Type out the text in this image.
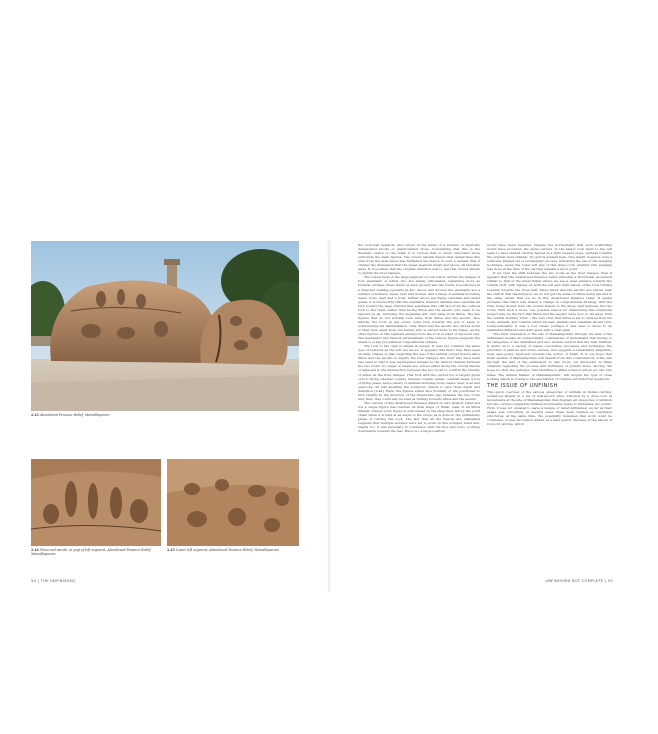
2.43 Abandoned Penance Relief, Mamallapuram
2.44 Shiva and ascetic (a yogi of left segment, Abandoned Penance Relief, Mamallapuram
2.45 Lower left segment, Abandoned Penance Relief, Mamallapuram
54 | THE UNFINISHED

the rock-wall upwards, and carved in the midst of a number of shallowly demarcated blocks of unarticulated stone. Considering that this is the thematic centre of the relief, it is curious that so much unworked stone surrounds the main figures. The curved natural fissure that demarcates this area from the area below has furnished the mason in such a manner that it creates the impression that the upper segment might just above off and slide away. It is possible that the original intention was to use this curved fissure to signify the river Ganges.

The lowest level of the large segment of rock below carries the images of four elephants of which two are barely articulated, remaining more as textural outlines; these stand on level ground and the fourth is positioned at a diagonal walking upwards [2.45]. Above and around the elephants are a number of hunters, sages, men and women, and a range of animals including bears, lions, deer and a boar; further above are flying celestials and dwarf ganas. It is noteworthy that the elephants, hunters, animals and celestials all turn toward the deep channel that separates this cliff face from the vertical rock to the right, rather than facing Shiva and the ascetic who seem to be ignored by all, including the elephants who turn away from Shiva. The few figures that do not actually turn away from Shiva and the ascetic, face directly the rock; in any event, some turn towards the god or seem to acknowledge his manifestation. Only Shiva and the ascetic are carved down to their feet; apart from one hunter who is carved down to his knees, all the other figures on this segment emerge from the rock at waist or hip level only. The haphazard and random arrangement of the various figures suggests the absence of any pre-planned compositional scheme.

The rock to the right is simple in design. It does not combine the same type of textures as the left one above. It appears that there may have been an early change of plan regarding the use of the natural curved fissure since Shiva and the ascetic to signify the river Ganges; the river may have been relocated so that it was represented instead by the narrow channel between the two rocks. No sages or nagas are carved either along the curved fissure or adjacent to the intersection between the two rocks to confirm the identity of either as the river Ganges. This rock with the carved top is largely given over to flying celestial couples, breezes couples, ganas, celestial sages, a row of flying geese, and a variety of animals including lions, bears, deer, boar and peacocks, all still awaiting the sculptors' chisels to give them depth and definition [2.44]. Here, the figures either face frontally or are positioned to turn slightly in the direction of the fissure-like gap between the two rocks and, thus, they could also be read as turning towards Shiva and the ascetic.

The carving of this Abandoned Penance differs in very shallow relief and not a single figure has reached its final stage of finish, least of all Shiva himself. Almost every figure is surrounded by the deep lines left by the point chisel when it is held at an angle to the stone, as is done in the preliminary phase of carving the rock. The fact that all the figures are unfinished suggests that multiple workers were set to work on this sculpted relief and, ideally too, it was necessary to commence with the face and torso, working downwards towards the feet. Here too, a large scaffold

would have been required. Despite the horizontality that such scaffolding would have provided, the stone carvers on the larger rock must to the left seem to have started carving figures in a light upward slope, perhaps towards the original river-channel. No grid is evident here. One might, however, note a vertically aligned set of rectangular grooves, indicating the use of the wedging technique, along the lower left end of this large rock, whether this wedging was done at the time of the carving remains a moot point.

If we view the shift between the two rocks as the river Ganges, then it appears that this Abandoned Penance relief embodies a directional movement similar to that of the Great Relief where we see a clear advance towards the central cleft, with figures on both the left and right halves of the rock turning towards towards the river-cleft. Since Shiva and the ascetic are placed near the cleft in that masterpiece, we do not get the sense of Shiva being ignored in the same extent that we do in this Abandoned Penance relief. It seems probable that there was indeed a change in compositional strategy, with the river being moved from the curved fissure to the large cleft between the two rocks. With such a move, one possible reason for abandoning this sculptural project may be the fact that Shiva and the ascetic were now so far away from the central dividing 'river' – the very river that Shiva is set to unravel from his locks, animals, and towards which all men, animals and celestials should turn. Compositionally, it was a lost cause; perhaps it was best to move to an unfinished different and start anew with a clear plan.

This brief evaluation of the site of Mamallapuram through the lens of the unfinished reveals an extraordinary combination of monuments that belong to all categories of the unfinished and also include several that are fully finished. It alerts us to a variety of issues concerning processes and technique, the priorities of patrons and stone carvers, and suggests a remarkably adaptable, even easy-going, approach towards the notion of finish. It is our hope that fresh studies of Mamallapuram will benefit from this consideration of the site through the lens of the unfinished, to also focus our discussion in these chapters regarding the process and technique of granite stone carving. We hope too that the epilogue, that identifies a gifted sculptor whom we can only name 'The Animal Master of Mamallapuram', will inspire the type of close looking, which is crucial to the elucidation of complex art historical questions.

THE ISSUE OF UNFINISH

This quick overview of the various categories of unfinish in Indian carving, evidenced largely in a set of well-known sites, followed by a close look at monuments at the site of Mamallapuram that displays all categories of unfinish but also carries completely finished monuments, helps to illuminate two points. First, it was not unusual to leave a temple or relief unfinished. As far as their usage was concerned, in several cases these were treated as completed structures; at the same time, the possibility remained that work could be continued, or new decoration added, at a later period. Because of the nature of rock-cut carving, which

UNFINISHED BUT COMPLETE | 55
